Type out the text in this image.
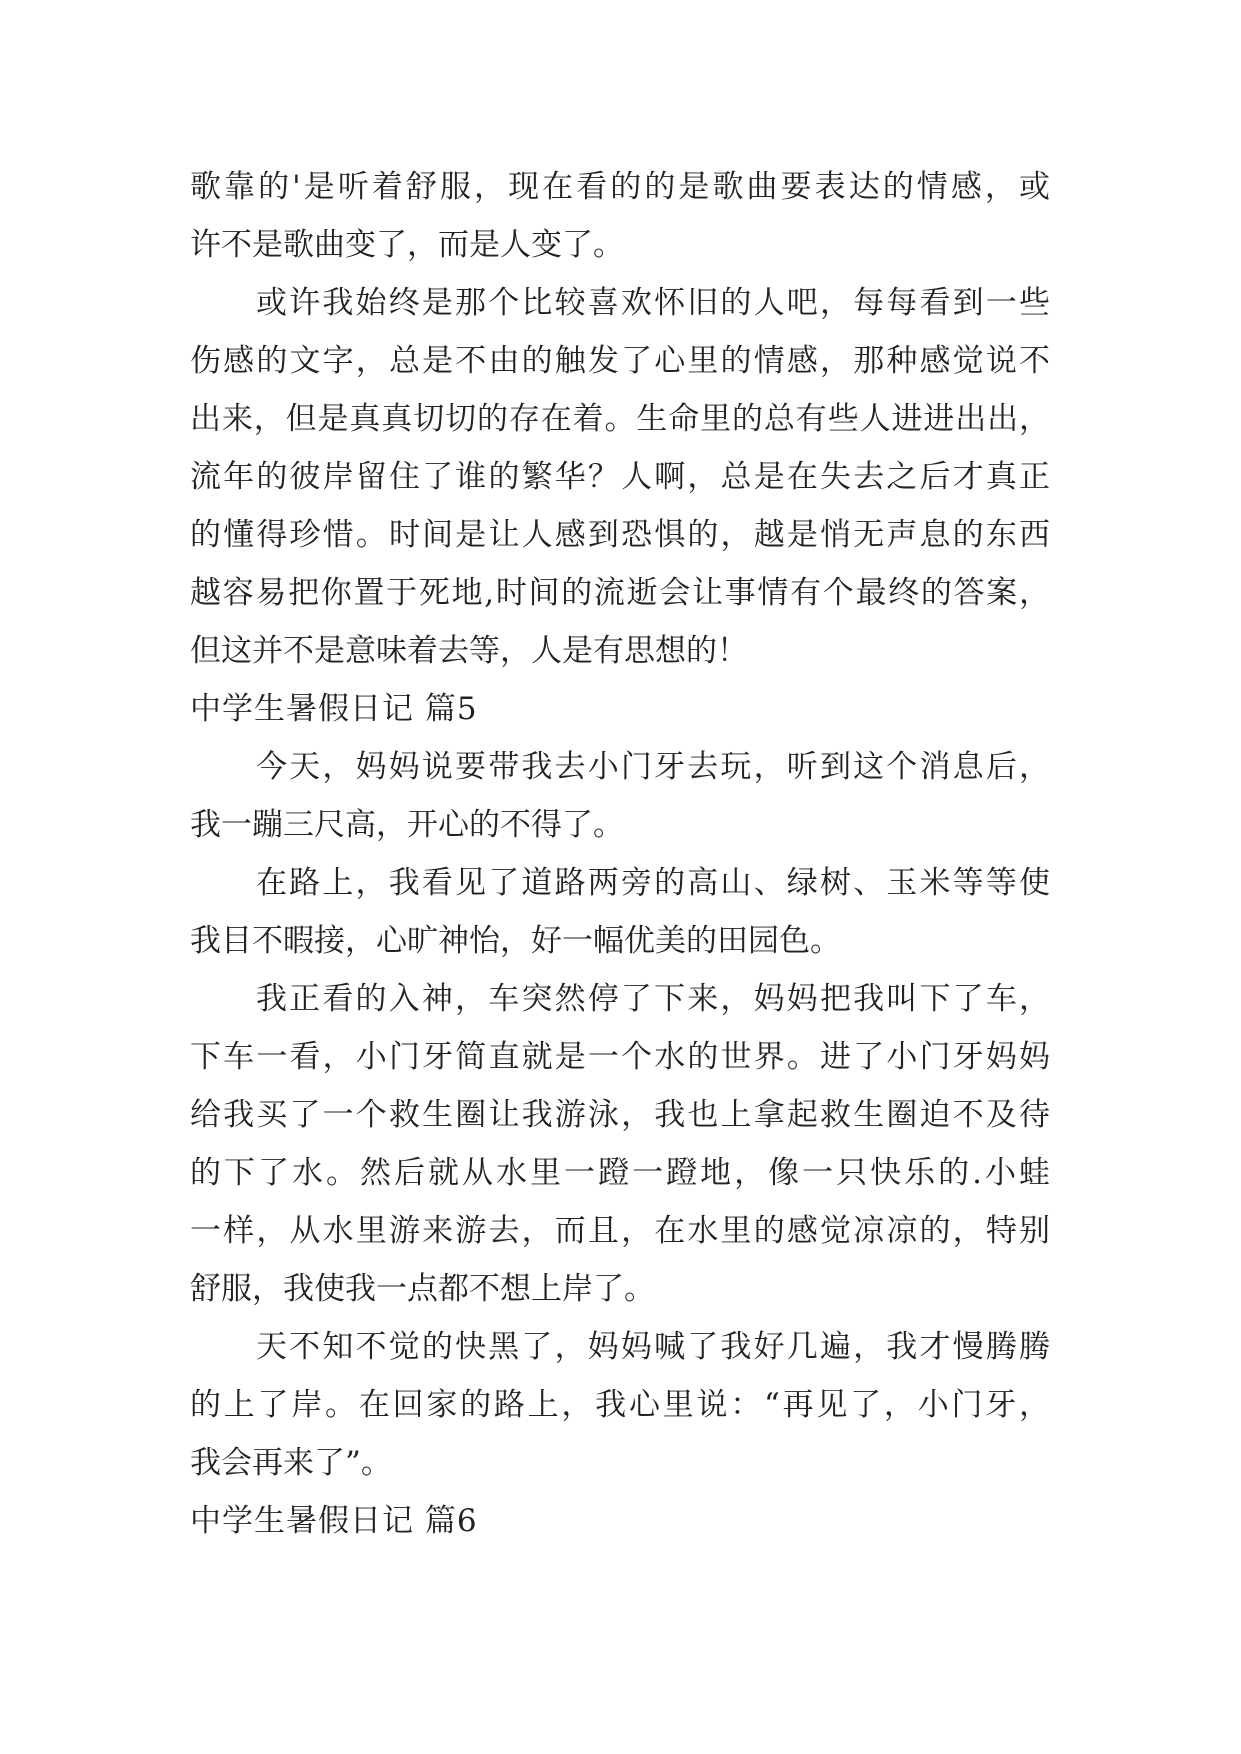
歌靠的'是听着舒服，现在看的的是歌曲要表达的情感，或
许不是歌曲变了，而是人变了。
或许我始终是那个比较喜欢怀旧的人吧，每每看到一些
伤感的文字，总是不由的触发了心里的情感，那种感觉说不
出来，但是真真切切的存在着。生命里的总有些人进进出出，
流年的彼岸留住了谁的繁华？人啊，总是在失去之后才真正
的懂得珍惜。时间是让人感到恐惧的，越是悄无声息的东西
越容易把你置于死地,时间的流逝会让事情有个最终的答案，
但这并不是意味着去等，人是有思想的！
中学生暑假日记 篇5
今天，妈妈说要带我去小门牙去玩，听到这个消息后，
我一蹦三尺高，开心的不得了。
在路上，我看见了道路两旁的高山、绿树、玉米等等使
我目不暇接，心旷神怡，好一幅优美的田园色。
我正看的入神，车突然停了下来，妈妈把我叫下了车，
下车一看，小门牙简直就是一个水的世界。进了小门牙妈妈
给我买了一个救生圈让我游泳，我也上拿起救生圈迫不及待
的下了水。然后就从水里一蹬一蹬地，像一只快乐的.小蛙
一样，从水里游来游去，而且，在水里的感觉凉凉的，特别
舒服，我使我一点都不想上岸了。
天不知不觉的快黑了，妈妈喊了我好几遍，我才慢腾腾
的上了岸。在回家的路上，我心里说：“再见了，小门牙，
我会再来了”。
中学生暑假日记 篇6
